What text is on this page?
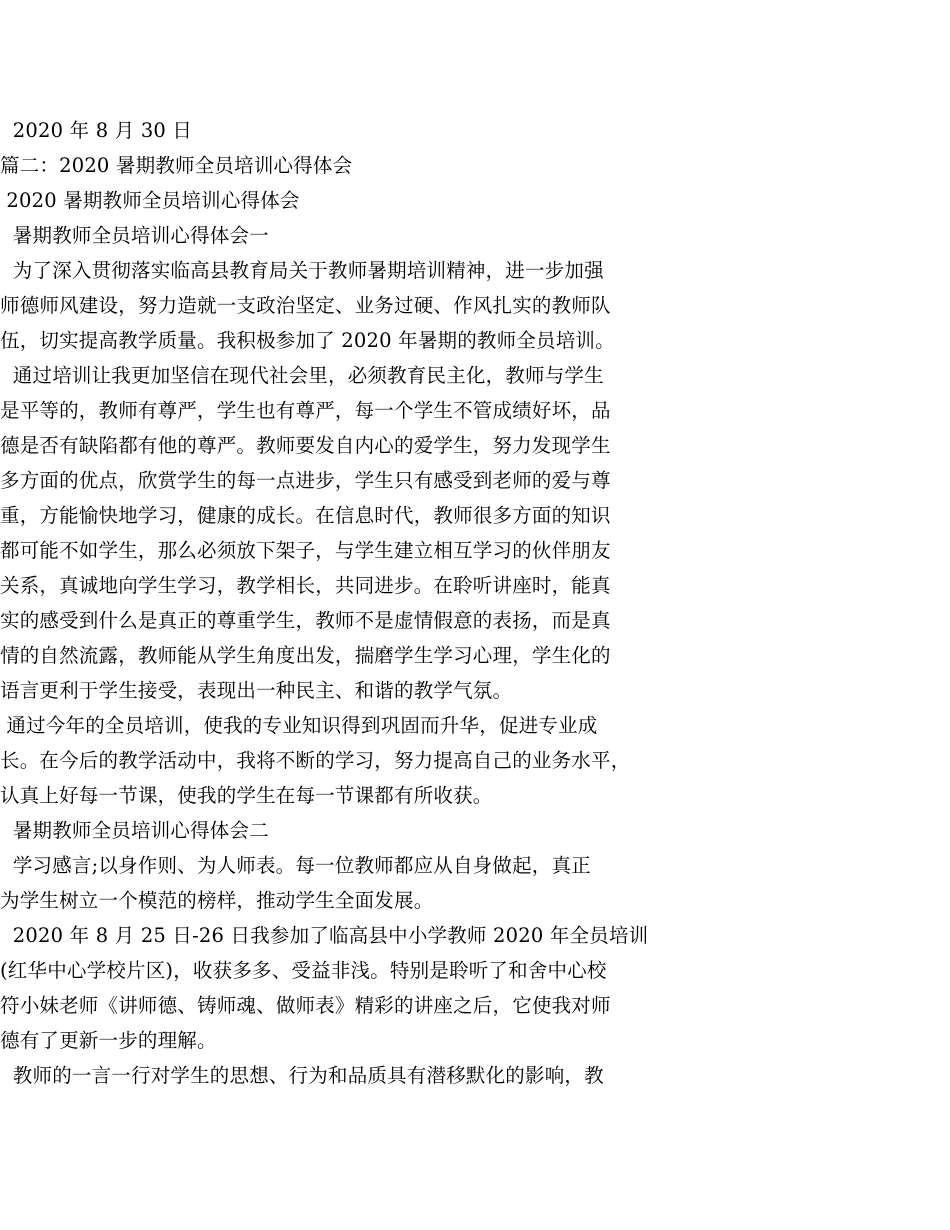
2020 年 8 月 30 日
篇二：2020 暑期教师全员培训心得体会
2020 暑期教师全员培训心得体会
暑期教师全员培训心得体会一
为了深入贯彻落实临高县教育局关于教师暑期培训精神，进一步加强
师德师风建设，努力造就一支政治坚定、业务过硬、作风扎实的教师队
伍，切实提高教学质量。我积极参加了 2020 年暑期的教师全员培训。
通过培训让我更加坚信在现代社会里，必须教育民主化，教师与学生
是平等的，教师有尊严，学生也有尊严，每一个学生不管成绩好坏，品
德是否有缺陷都有他的尊严。教师要发自内心的爱学生，努力发现学生
多方面的优点，欣赏学生的每一点进步，学生只有感受到老师的爱与尊
重，方能愉快地学习，健康的成长。在信息时代，教师很多方面的知识
都可能不如学生，那么必须放下架子，与学生建立相互学习的伙伴朋友
关系，真诚地向学生学习，教学相长，共同进步。在聆听讲座时，能真
实的感受到什么是真正的尊重学生，教师不是虚情假意的表扬，而是真
情的自然流露，教师能从学生角度出发，揣磨学生学习心理，学生化的
语言更利于学生接受，表现出一种民主、和谐的教学气氛。
通过今年的全员培训，使我的专业知识得到巩固而升华，促进专业成
长。在今后的教学活动中，我将不断的学习，努力提高自己的业务水平，
认真上好每一节课，使我的学生在每一节课都有所收获。
暑期教师全员培训心得体会二
学习感言;以身作则、为人师表。每一位教师都应从自身做起，真正
为学生树立一个模范的榜样，推动学生全面发展。
2020 年 8 月 25 日-26 日我参加了临高县中小学教师 2020 年全员培训
(红华中心学校片区)，收获多多、受益非浅。特别是聆听了和舍中心校
符小妹老师《讲师德、铸师魂、做师表》精彩的讲座之后，它使我对师
德有了更新一步的理解。
教师的一言一行对学生的思想、行为和品质具有潜移默化的影响，教
